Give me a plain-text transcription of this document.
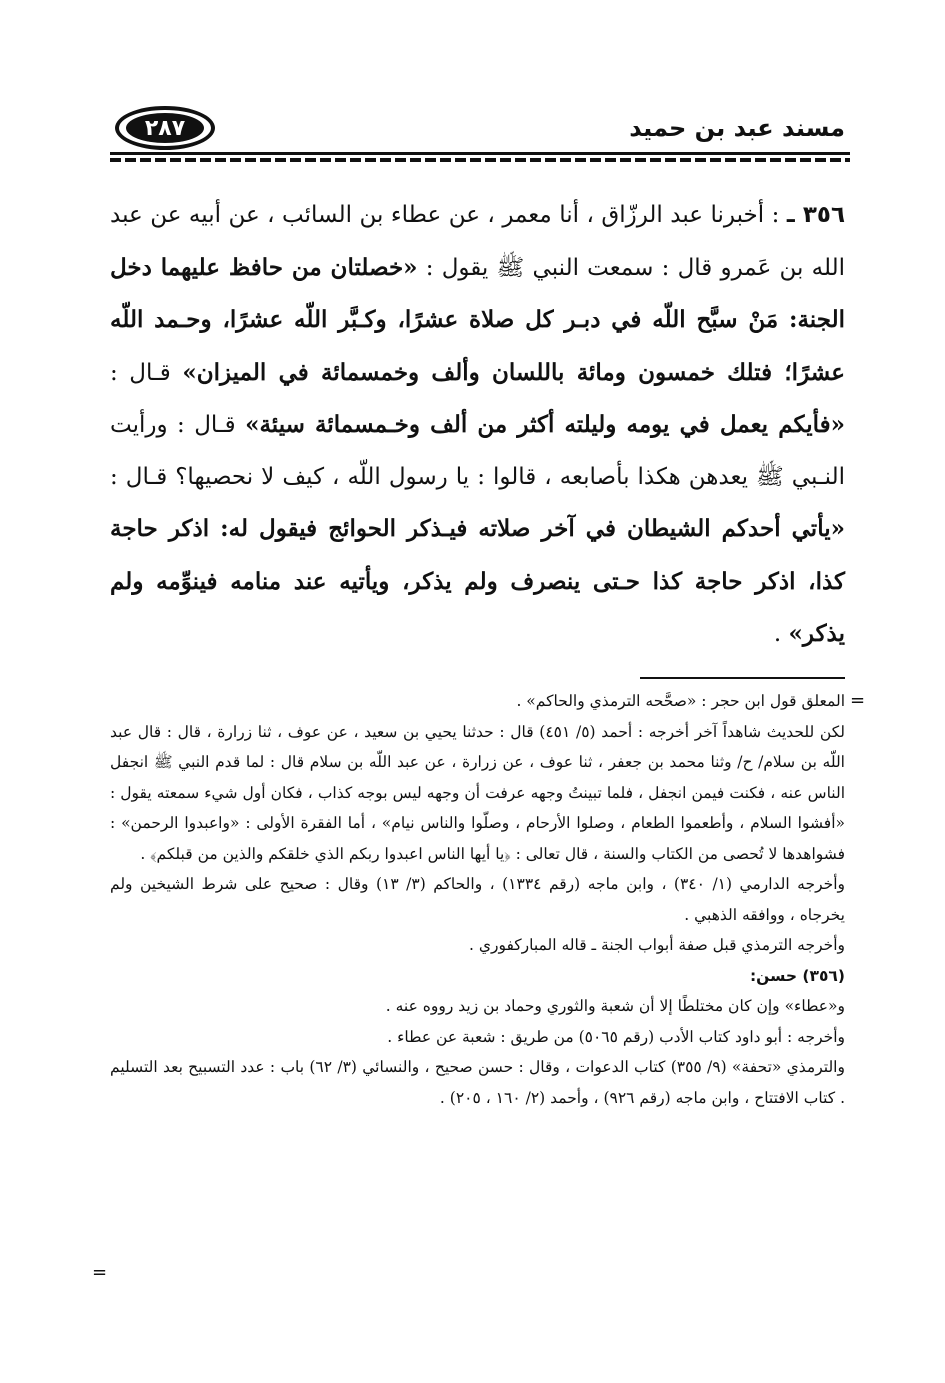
٢٨٧	مسند عبد بن حميد
٣٥٦ ـ : أخبرنا عبد الرزّاق ، أنا معمر ، عن عطاء بن السائب ، عن أبيه عن عبد الله بن عَمرو قال : سمعت النبي ﷺ يقول : «خصلتان من حافظ عليهما دخل الجنة: مَنْ سبَّح اللّه في دبـر كل صلاة عشرًا، وكـبَّر اللّه عشرًا، وحـمد اللّه عشرًا؛ فتلك خمسون ومائة باللسان وألف وخمسمائة في الميزان» قـال : «فأيكم يعمل في يومه وليلته أكثر من ألف وخـمسمائة سيئة» قـال : ورأيت النـبي ﷺ يعدهن هكذا بأصابعه ، قالوا : يا رسول اللّه ، كيف لا نحصيها؟ قـال : «يأتي أحدكم الشيطان في آخر صلاته فيـذكر الحوائج فيقول له: اذكر حاجة كذا، اذكر حاجة كذا حـتى ينصرف ولم يذكر، ويأتيه عند منامه فينوِّمه ولم يذكر» .
=

المعلق قول ابن حجر : «صحَّحه الترمذي والحاكم» .

لكن للحديث شاهداً آخر أخرجه : أحمد (٥/ ٤٥١) قال : حدثنا يحيي بن سعيد ، عن عوف ، ثنا زرارة ، قال : قال عبد اللّه بن سلام/ ح/ وثنا محمد بن جعفر ، ثنا عوف ، عن زرارة ، عن عبد اللّه بن سلام قال : لما قدم النبي ﷺ انجفل الناس عنه ، فكنت فيمن انجفل ، فلما تبينتُ وجهه عرفت أن وجهه ليس بوجه كذاب ، فكان أول شيء سمعته يقول : «أفشوا السلام ، وأطعموا الطعام ، وصلوا الأرحام ، وصلّوا والناس نيام» ، أما الفقرة الأولى : «واعبدوا الرحمن» : فشواهدها لا تُحصى من الكتاب والسنة ، قال تعالى : ﴿يا أيها الناس اعبدوا ربكم الذي خلقكم والذين من قبلكم﴾ .

وأخرجه الدارمي (١/ ٣٤٠) ، وابن ماجه (رقم ١٣٣٤) ، والحاكم (٣/ ١٣) وقال : صحيح على شرط الشيخين ولم يخرجاه ، ووافقه الذهبي .

وأخرجه الترمذي قبل صفة أبواب الجنة ـ قاله المباركفوري .

(٣٥٦) حسن:

و«عطاء» وإن كان مختلطًا إلا أن شعبة والثوري وحماد بن زيد رووه عنه .

وأخرجه : أبو داود كتاب الأدب (رقم ٥٠٦٥) من طريق : شعبة عن عطاء .

والترمذي «تحفة» (٩/ ٣٥٥) كتاب الدعوات ، وقال : حسن صحيح ، والنسائي (٣/ ٦٢) باب : عدد التسبيح بعد التسليم . كتاب الافتتاح ، وابن ماجه (رقم ٩٢٦) ، وأحمد (٢/ ١٦٠ ، ٢٠٥) .

=
